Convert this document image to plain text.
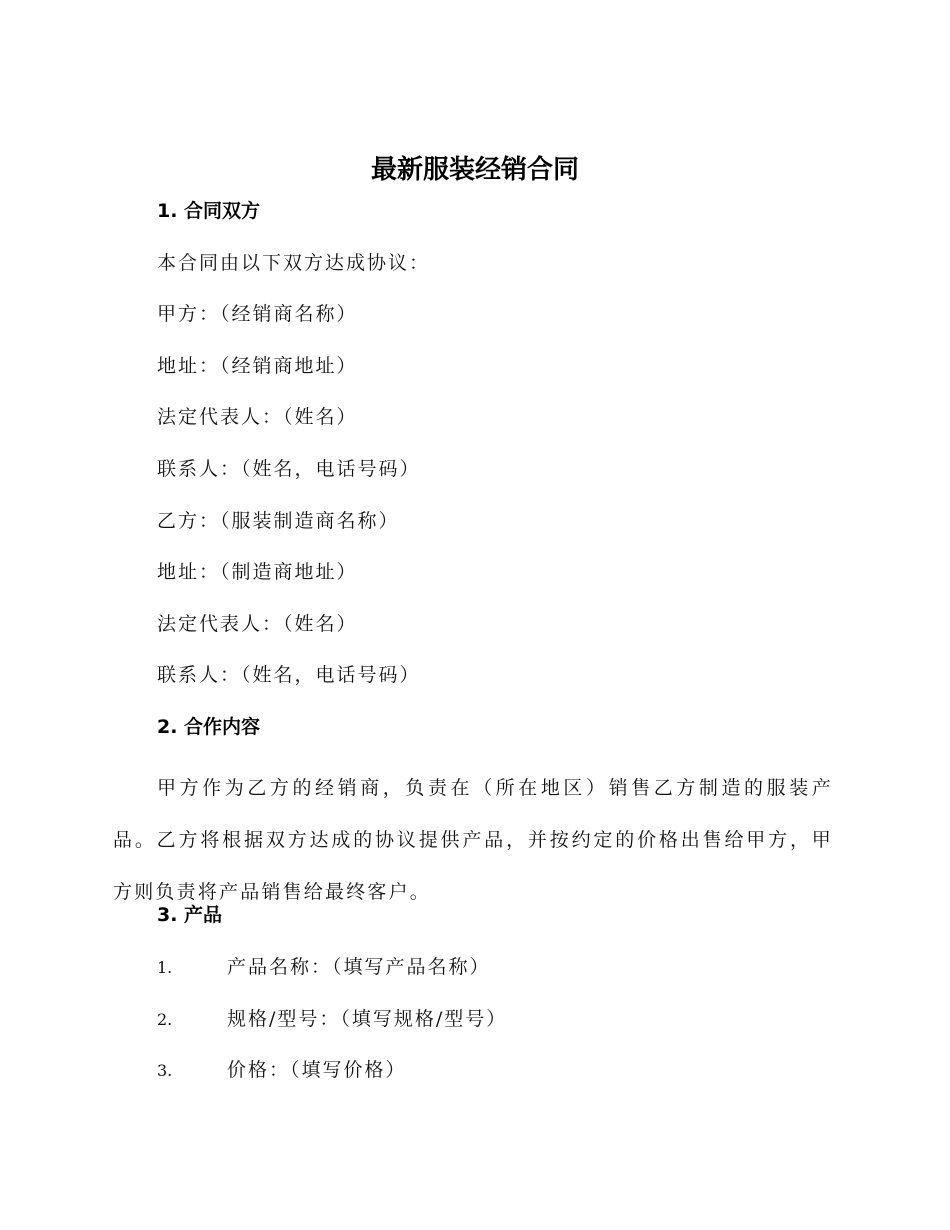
最新服装经销合同
1. 合同双方

本合同由以下双方达成协议：

甲方：（经销商名称）

地址：（经销商地址）

法定代表人：（姓名）

联系人：（姓名，电话号码）

乙方：（服装制造商名称）

地址：（制造商地址）

法定代表人：（姓名）

联系人：（姓名，电话号码）

2. 合作内容

甲方作为乙方的经销商，负责在（所在地区）销售乙方制造的服装产品。乙方将根据双方达成的协议提供产品，并按约定的价格出售给甲方，甲方则负责将产品销售给最终客户。

3. 产品

1.	产品名称：（填写产品名称）

2.	规格/型号：（填写规格/型号）

3.	价格：（填写价格）
